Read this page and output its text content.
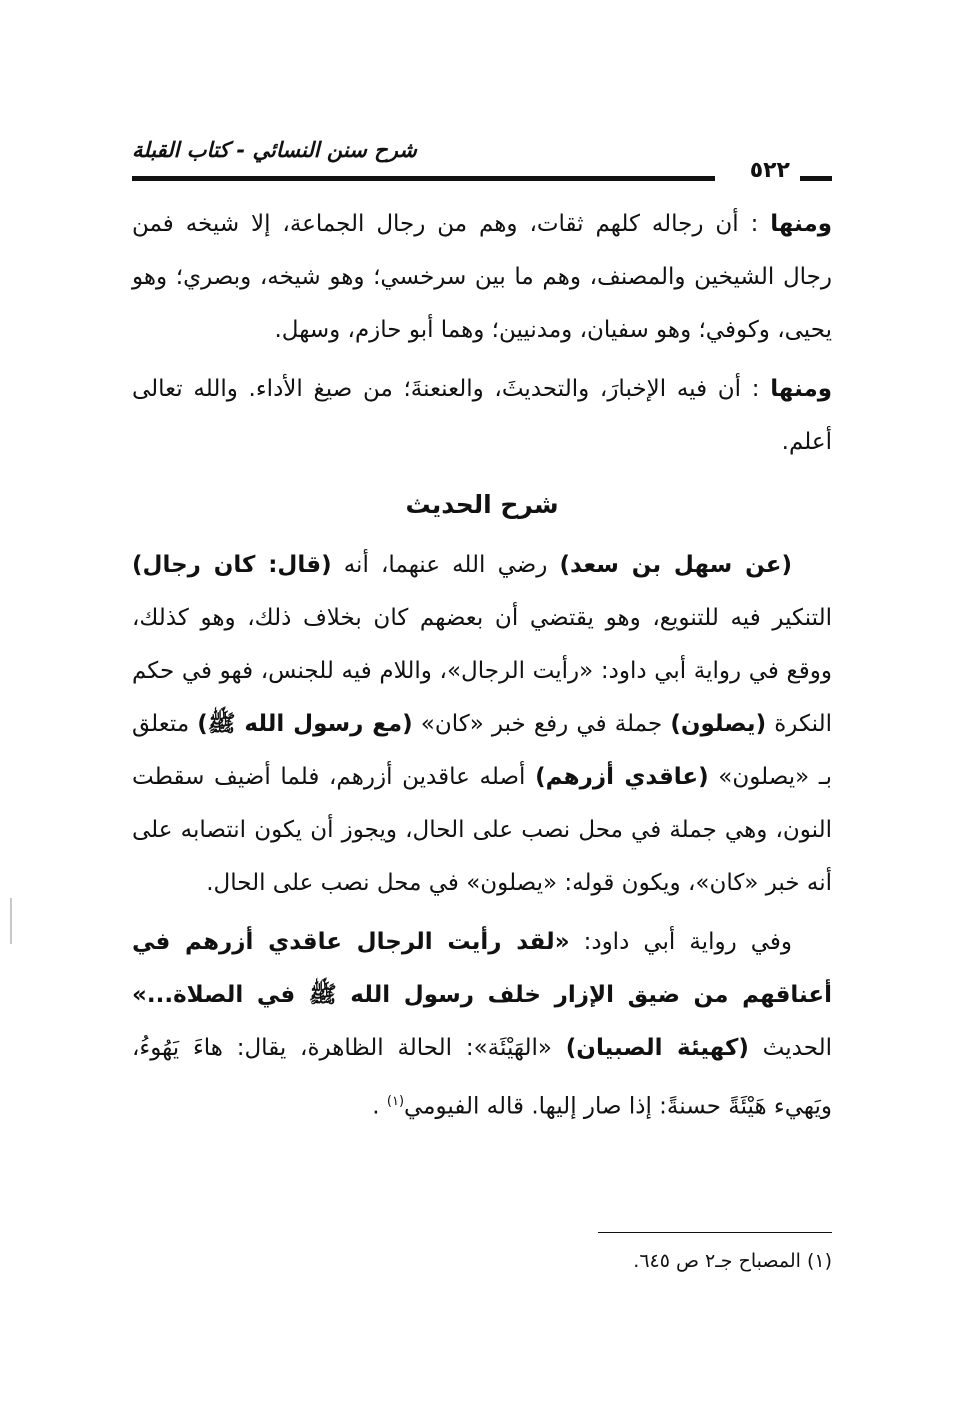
شرح سنن النسائي - كتاب القبلة
٥٢٢

ومنها : أن رجاله كلهم ثقات، وهم من رجال الجماعة، إلا شيخه فمن رجال الشيخين والمصنف، وهم ما بين سرخسي؛ وهو شيخه، وبصري؛ وهو يحيى، وكوفي؛ وهو سفيان، ومدنيين؛ وهما أبو حازم، وسهل.

ومنها : أن فيه الإخبارَ، والتحديثَ، والعنعنةَ؛ من صيغ الأداء. والله تعالى أعلم.

شرح الحديث

(عن سهل بن سعد) رضي الله عنهما، أنه (قال: كان رجال) التنكير فيه للتنويع، وهو يقتضي أن بعضهم كان بخلاف ذلك، وهو كذلك، ووقع في رواية أبي داود: «رأيت الرجال»، واللام فيه للجنس، فهو في حكم النكرة (يصلون) جملة في رفع خبر «كان» (مع رسول الله ﷺ) متعلق بـ «يصلون» (عاقدي أزرهم) أصله عاقدين أزرهم، فلما أضيف سقطت النون، وهي جملة في محل نصب على الحال، ويجوز أن يكون انتصابه على أنه خبر «كان»، ويكون قوله: «يصلون» في محل نصب على الحال.

وفي رواية أبي داود: «لقد رأيت الرجال عاقدي أزرهم في أعناقهم من ضيق الإزار خلف رسول الله ﷺ في الصلاة...» الحديث (كهيئة الصبيان) «الهَيْئَة»: الحالة الظاهرة، يقال: هاءَ يَهُوءُ، ويَهيء هَيْئَةً حسنةً: إذا صار إليها. قاله الفيومي$^{(١)}$ .

(١) المصباح جـ٢ ص ٦٤٥.
